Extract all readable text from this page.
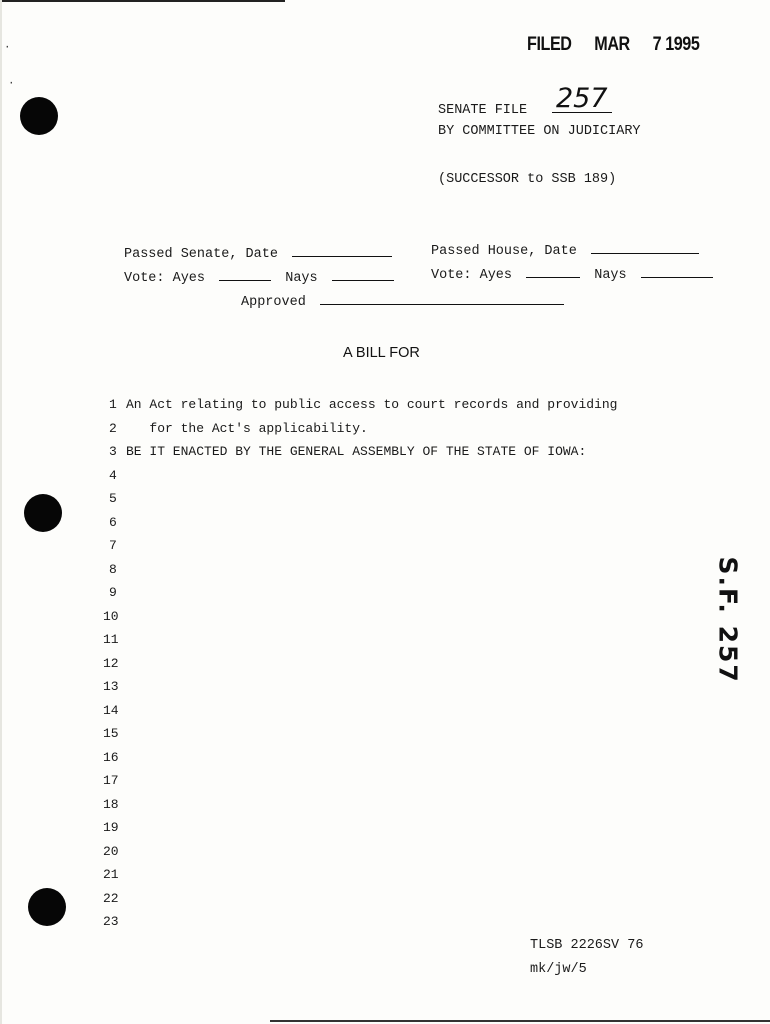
·
·
FILED MAR 7 1995
SENATE FILE 257
BY COMMITTEE ON JUDICIARY
(SUCCESSOR to SSB 189)
Passed Senate, Date
Vote: Ayes	Nays
Passed House, Date
Vote: Ayes	Nays
Approved
A BILL FOR
1 An Act relating to public access to court records and providing
2 for the Act's applicability.
3 BE IT ENACTED BY THE GENERAL ASSEMBLY OF THE STATE OF IOWA:
4
5
6
7
8
9
10
11
12
13
14
15
16
17
18
19
20
21
22
23
S.F. 257
TLSB 2226SV 76
mk/jw/5
